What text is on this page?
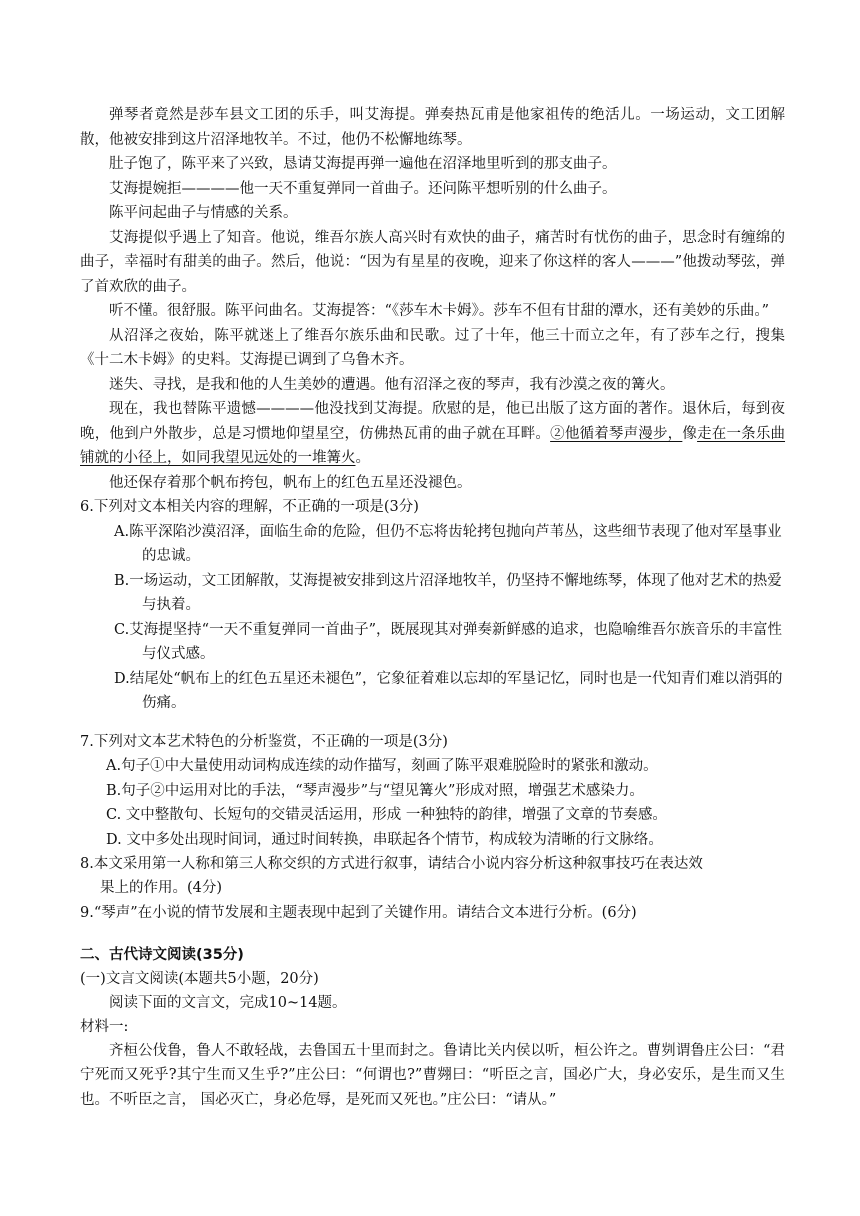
弹琴者竟然是莎车县文工团的乐手，叫艾海提。弹奏热瓦甫是他家祖传的绝活儿。一场运动，文工团解散，他被安排到这片沼泽地牧羊。不过，他仍不松懈地练琴。

肚子饱了，陈平来了兴致，恳请艾海提再弹一遍他在沼泽地里听到的那支曲子。

艾海提婉拒————他一天不重复弹同一首曲子。还问陈平想听别的什么曲子。

陈平问起曲子与情感的关系。

艾海提似乎遇上了知音。他说，维吾尔族人高兴时有欢快的曲子，痛苦时有忧伤的曲子，思念时有缠绵的曲子，幸福时有甜美的曲子。然后，他说：“因为有星星的夜晚，迎来了你这样的客人———”他拨动琴弦，弹了首欢欣的曲子。

听不懂。很舒服。陈平问曲名。艾海提答：“《莎车木卡姆》。莎车不但有甘甜的潭水，还有美妙的乐曲。”

从沼泽之夜始，陈平就迷上了维吾尔族乐曲和民歌。过了十年，他三十而立之年，有了莎车之行，搜集《十二木卡姆》的史料。艾海提已调到了乌鲁木齐。

迷失、寻找，是我和他的人生美妙的遭遇。他有沼泽之夜的琴声，我有沙漠之夜的篝火。

现在，我也替陈平遗憾————他没找到艾海提。欣慰的是，他已出版了这方面的著作。退休后，每到夜晚，他到户外散步，总是习惯地仰望星空，仿佛热瓦甫的曲子就在耳畔。②他循着琴声漫步，像走在一条乐曲铺就的小径上，如同我望见远处的一堆篝火。

他还保存着那个帆布挎包，帆布上的红色五星还没褪色。

6.下列对文本相关内容的理解，不正确的一项是(3分)

A.陈平深陷沙漠沼泽，面临生命的危险，但仍不忘将齿轮拷包抛向芦苇丛，这些细节表现了他对军垦事业的忠诚。

B.一场运动，文工团解散，艾海提被安排到这片沼泽地牧羊，仍坚持不懈地练琴，体现了他对艺术的热爱与执着。

C.艾海提坚持“一天不重复弹同一首曲子”，既展现其对弹奏新鲜感的追求，也隐喻维吾尔族音乐的丰富性与仪式感。

D.结尾处“帆布上的红色五星还未褪色”，它象征着难以忘却的军垦记忆，同时也是一代知青们难以消弭的伤痛。

7.下列对文本艺术特色的分析鉴赏，不正确的一项是(3分)

A.句子①中大量使用动词构成连续的动作描写，刻画了陈平艰难脱险时的紧张和激动。

B.句子②中运用对比的手法，“琴声漫步”与“望见篝火”形成对照，增强艺术感染力。

C. 文中整散句、长短句的交错灵活运用，形成 一种独特的韵律，增强了文章的节奏感。

D. 文中多处出现时间词，通过时间转换，串联起各个情节，构成较为清晰的行文脉络。

8.本文采用第一人称和第三人称交织的方式进行叙事，请结合小说内容分析这种叙事技巧在表达效

果上的作用。(4分)

9.“琴声”在小说的情节发展和主题表现中起到了关键作用。请结合文本进行分析。(6分)

二、古代诗文阅读(35分)

(一)文言文阅读(本题共5小题，20分)

阅读下面的文言文，完成10~14题。

材料一:

齐桓公伐鲁，鲁人不敢轻战，去鲁国五十里而封之。鲁请比关内侯以听，桓公许之。曹刿谓鲁庄公曰：“君宁死而又死乎?其宁生而又生乎?”庄公曰：“何谓也?”曹翙曰：“听臣之言，国必广大，身必安乐，是生而又生也。不听臣之言， 国必灭亡，身必危辱，是死而又死也。”庄公曰：“请从。”
